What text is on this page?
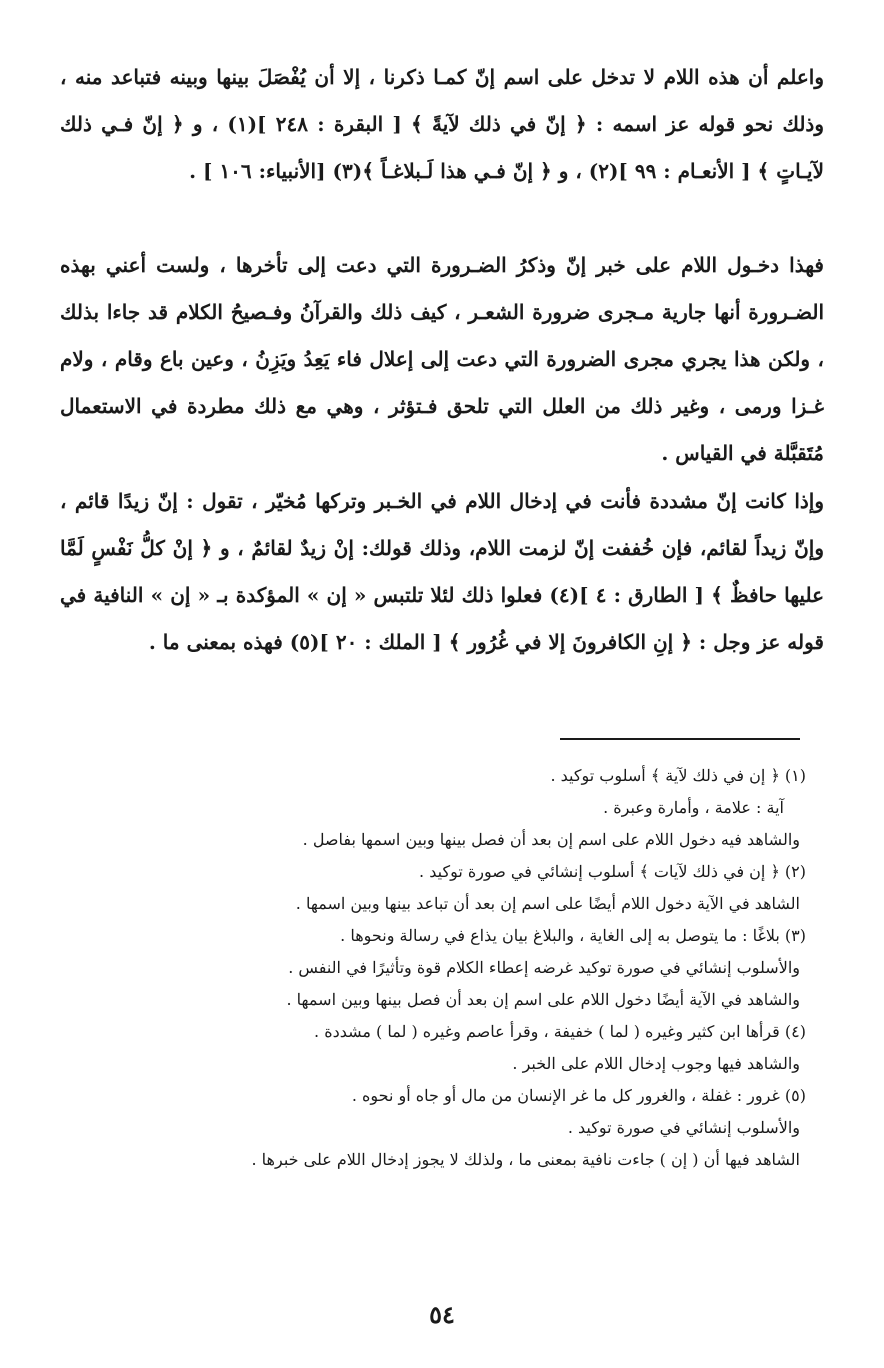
واعلم أن هذه اللام لا تدخل على اسم إنّ كمـا ذكرنا ، إلا أن يُفْصَلَ بينها وبينه فتباعد منه ، وذلك نحو قوله عز اسمه : ﴿ إنّ في ذلك لآيةً ﴾ [ البقرة : ٢٤٨ ](١) ، و ﴿ إنّ فـي ذلك لآيـاتٍ ﴾ [ الأنعـام : ٩٩ ](٢) ، و ﴿ إنّ فـي هذا لَـبلاغـاً ﴾(٣) [الأنبياء: ١٠٦ ] .

فهذا دخـول اللام على خبر إنّ وذكرُ الضـرورة التي دعت إلى تأخرها ، ولست أعني بهذه الضـرورة أنها جارية مـجرى ضرورة الشعـر ، كيف ذلك والقرآنُ وفـصيحُ الكلام قد جاءا بذلك ، ولكن هذا يجري مجرى الضرورة التي دعت إلى إعلال فاء يَعِدُ ويَزِنُ ، وعين باع وقام ، ولام غـزا ورمى ، وغير ذلك من العلل التي تلحق فـتؤثر ، وهي مع ذلك مطردة في الاستعمال مُتَقبَّلة في القياس .

وإذا كانت إنّ مشددة فأنت في إدخال اللام في الخـبر وتركها مُخيّر ، تقول : إنّ زيدًا قائم ، وإنّ زيداً لقائم، فإن خُففت إنّ لزمت اللام، وذلك قولك: إنْ زيدٌ لقائمٌ ، و ﴿ إنْ كلُّ نَفْسٍ لَمَّا عليها حافظٌ ﴾ [ الطارق : ٤ ](٤) فعلوا ذلك لئلا تلتبس « إن » المؤكدة بـ « إن » النافية في قوله عز وجل : ﴿ إنِ الكافرونَ إلا في غُرُور ﴾ [ الملك : ٢٠ ](٥) فهذه بمعنى ما .

(١) ﴿ إن في ذلك لآية ﴾ أسلوب توكيد .
آية : علامة ، وأمارة وعبرة .
والشاهد فيه دخول اللام على اسم إن بعد أن فصل بينها وبين اسمها بفاصل .
(٢) ﴿ إن في ذلك لآيات ﴾ أسلوب إنشائي في صورة توكيد .
الشاهد في الآية دخول اللام أيضًا على اسم إن بعد أن تباعد بينها وبين اسمها .
(٣) بلاغًا : ما يتوصل به إلى الغاية ، والبلاغ بيان يذاع في رسالة ونحوها .
والأسلوب إنشائي في صورة توكيد غرضه إعطاء الكلام قوة وتأثيرًا في النفس .
والشاهد في الآية أيضًا دخول اللام على اسم إن بعد أن فصل بينها وبين اسمها .
(٤) قرأها ابن كثير وغيره ( لما ) خفيفة ، وقرأ عاصم وغيره ( لما ) مشددة .
والشاهد فيها وجوب إدخال اللام على الخبر .
(٥) غرور : غفلة ، والغرور كل ما غر الإنسان من مال أو جاه أو نحوه .
والأسلوب إنشائي في صورة توكيد .
الشاهد فيها أن ( إن ) جاءت نافية بمعنى ما ، ولذلك لا يجوز إدخال اللام على خبرها .
٥٤
